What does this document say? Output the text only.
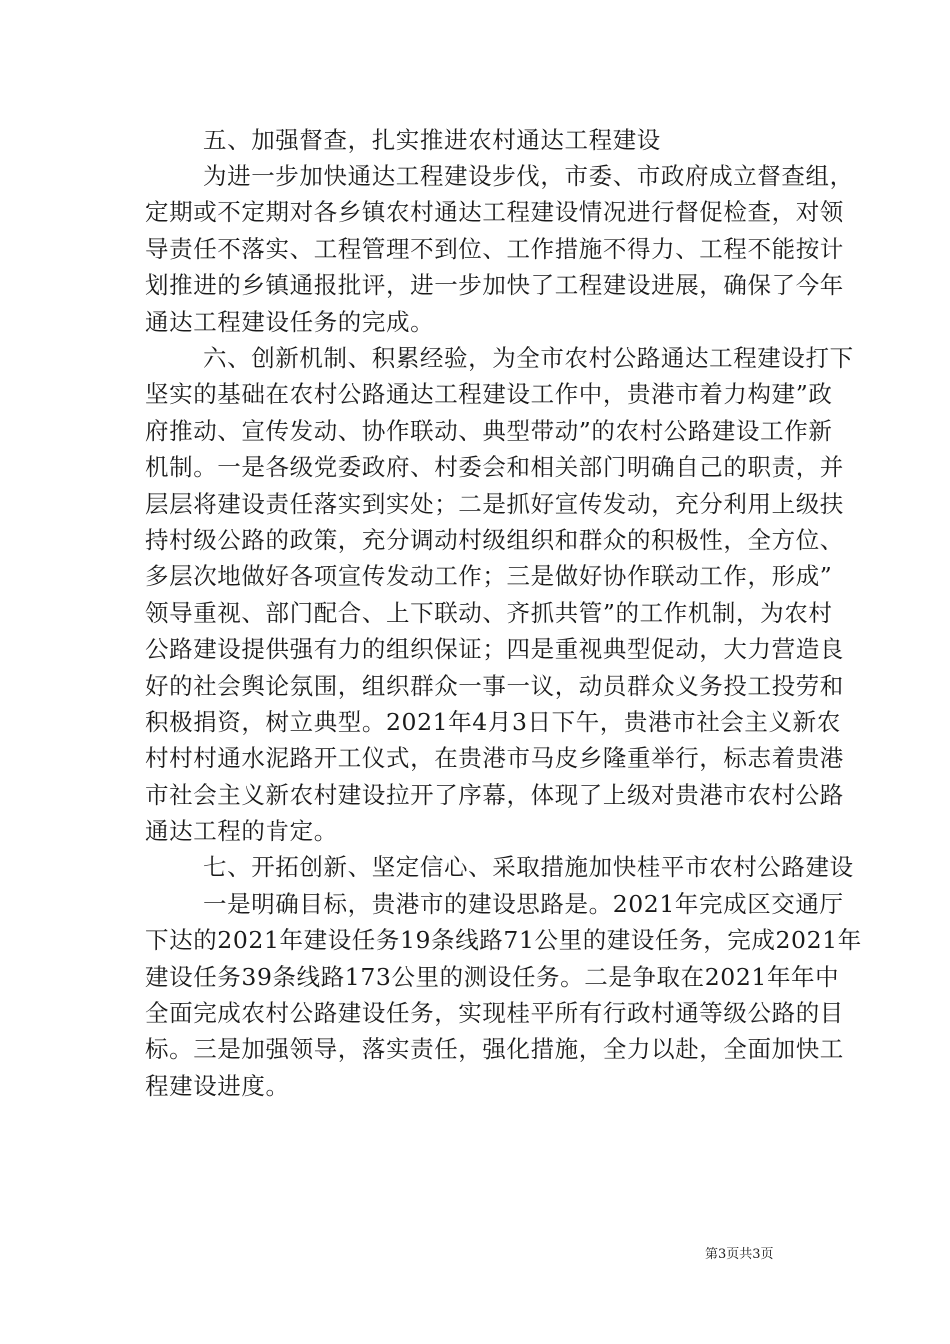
五、加强督查，扎实推进农村通达工程建设
为进一步加快通达工程建设步伐，市委、市政府成立督查组，
定期或不定期对各乡镇农村通达工程建设情况进行督促检查，对领
导责任不落实、工程管理不到位、工作措施不得力、工程不能按计
划推进的乡镇通报批评，进一步加快了工程建设进展，确保了今年
通达工程建设任务的完成。
六、创新机制、积累经验，为全市农村公路通达工程建设打下
坚实的基础在农村公路通达工程建设工作中，贵港市着力构建”政
府推动、宣传发动、协作联动、典型带动”的农村公路建设工作新
机制。一是各级党委政府、村委会和相关部门明确自己的职责，并
层层将建设责任落实到实处；二是抓好宣传发动，充分利用上级扶
持村级公路的政策，充分调动村级组织和群众的积极性，全方位、
多层次地做好各项宣传发动工作；三是做好协作联动工作，形成”
领导重视、部门配合、上下联动、齐抓共管”的工作机制，为农村
公路建设提供强有力的组织保证；四是重视典型促动，大力营造良
好的社会舆论氛围，组织群众一事一议，动员群众义务投工投劳和
积极捐资，树立典型。2021年4月3日下午，贵港市社会主义新农
村村村通水泥路开工仪式，在贵港市马皮乡隆重举行，标志着贵港
市社会主义新农村建设拉开了序幕，体现了上级对贵港市农村公路
通达工程的肯定。
七、开拓创新、坚定信心、采取措施加快桂平市农村公路建设
一是明确目标，贵港市的建设思路是。2021年完成区交通厅
下达的2021年建设任务19条线路71公里的建设任务，完成2021年
建设任务39条线路173公里的测设任务。二是争取在2021年年中
全面完成农村公路建设任务，实现桂平所有行政村通等级公路的目
标。三是加强领导，落实责任，强化措施，全力以赴，全面加快工
程建设进度。
第3页共3页
